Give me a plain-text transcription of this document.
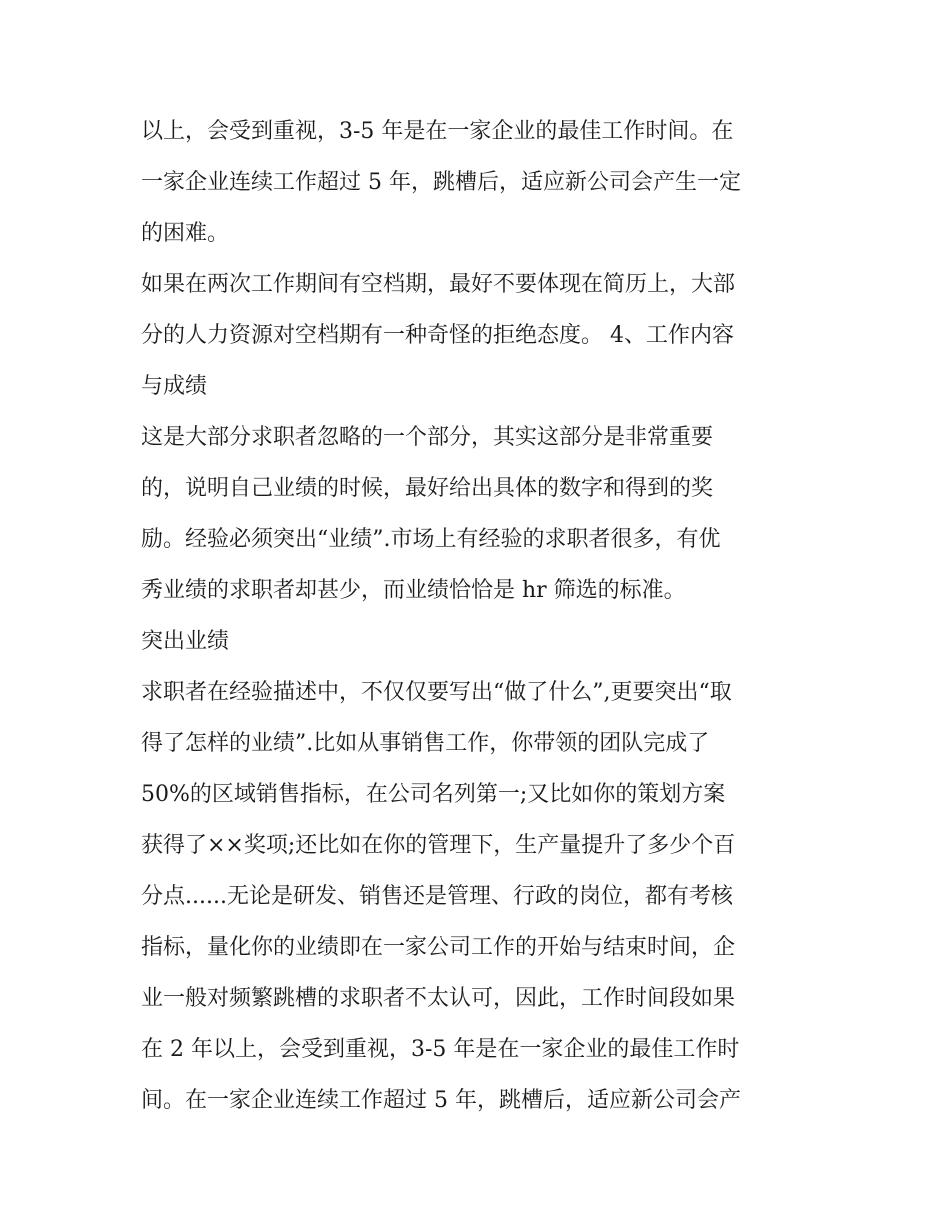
以上，会受到重视，3-5 年是在一家企业的最佳工作时间。在
一家企业连续工作超过 5 年，跳槽后，适应新公司会产生一定
的困难。
如果在两次工作期间有空档期，最好不要体现在简历上，大部
分的人力资源对空档期有一种奇怪的拒绝态度。 4、工作内容
与成绩
这是大部分求职者忽略的一个部分，其实这部分是非常重要
的，说明自己业绩的时候，最好给出具体的数字和得到的奖
励。经验必须突出“业绩”.市场上有经验的求职者很多，有优
秀业绩的求职者却甚少，而业绩恰恰是 hr 筛选的标准。
突出业绩
求职者在经验描述中，不仅仅要写出“做了什么”,更要突出“取
得了怎样的业绩”.比如从事销售工作，你带领的团队完成了
50%的区域销售指标，在公司名列第一;又比如你的策划方案
获得了××奖项;还比如在你的管理下，生产量提升了多少个百
分点......无论是研发、销售还是管理、行政的岗位，都有考核
指标，量化你的业绩即在一家公司工作的开始与结束时间，企
业一般对频繁跳槽的求职者不太认可，因此，工作时间段如果
在 2 年以上，会受到重视，3-5 年是在一家企业的最佳工作时
间。在一家企业连续工作超过 5 年，跳槽后，适应新公司会产
